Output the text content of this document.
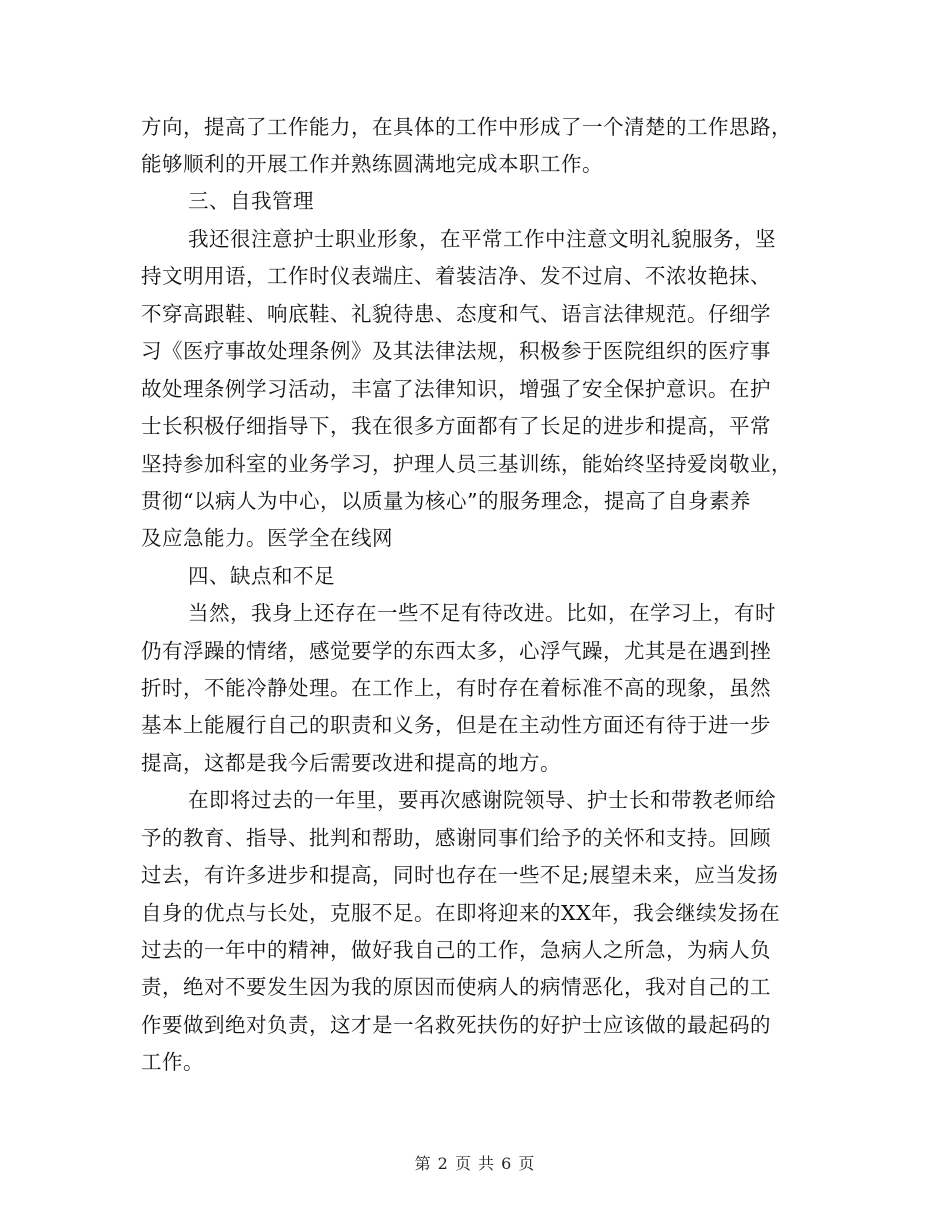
方向，提高了工作能力，在具体的工作中形成了一个清楚的工作思路，
能够顺利的开展工作并熟练圆满地完成本职工作。
三、自我管理
我还很注意护士职业形象，在平常工作中注意文明礼貌服务，坚
持文明用语，工作时仪表端庄、着装洁净、发不过肩、不浓妆艳抹、
不穿高跟鞋、响底鞋、礼貌待患、态度和气、语言法律规范。仔细学
习《医疗事故处理条例》及其法律法规，积极参于医院组织的医疗事
故处理条例学习活动，丰富了法律知识，增强了安全保护意识。在护
士长积极仔细指导下，我在很多方面都有了长足的进步和提高，平常
坚持参加科室的业务学习，护理人员三基训练，能始终坚持爱岗敬业，
贯彻“以病人为中心，以质量为核心”的服务理念，提高了自身素养
及应急能力。医学全在线网
四、缺点和不足
当然，我身上还存在一些不足有待改进。比如，在学习上，有时
仍有浮躁的情绪，感觉要学的东西太多，心浮气躁，尤其是在遇到挫
折时，不能冷静处理。在工作上，有时存在着标准不高的现象，虽然
基本上能履行自己的职责和义务，但是在主动性方面还有待于进一步
提高，这都是我今后需要改进和提高的地方。
在即将过去的一年里，要再次感谢院领导、护士长和带教老师给
予的教育、指导、批判和帮助，感谢同事们给予的关怀和支持。回顾
过去，有许多进步和提高，同时也存在一些不足;展望未来，应当发扬
自身的优点与长处，克服不足。在即将迎来的XX年，我会继续发扬在
过去的一年中的精神，做好我自己的工作，急病人之所急，为病人负
责，绝对不要发生因为我的原因而使病人的病情恶化，我对自己的工
作要做到绝对负责，这才是一名救死扶伤的好护士应该做的最起码的
工作。
第 2 页 共 6 页
